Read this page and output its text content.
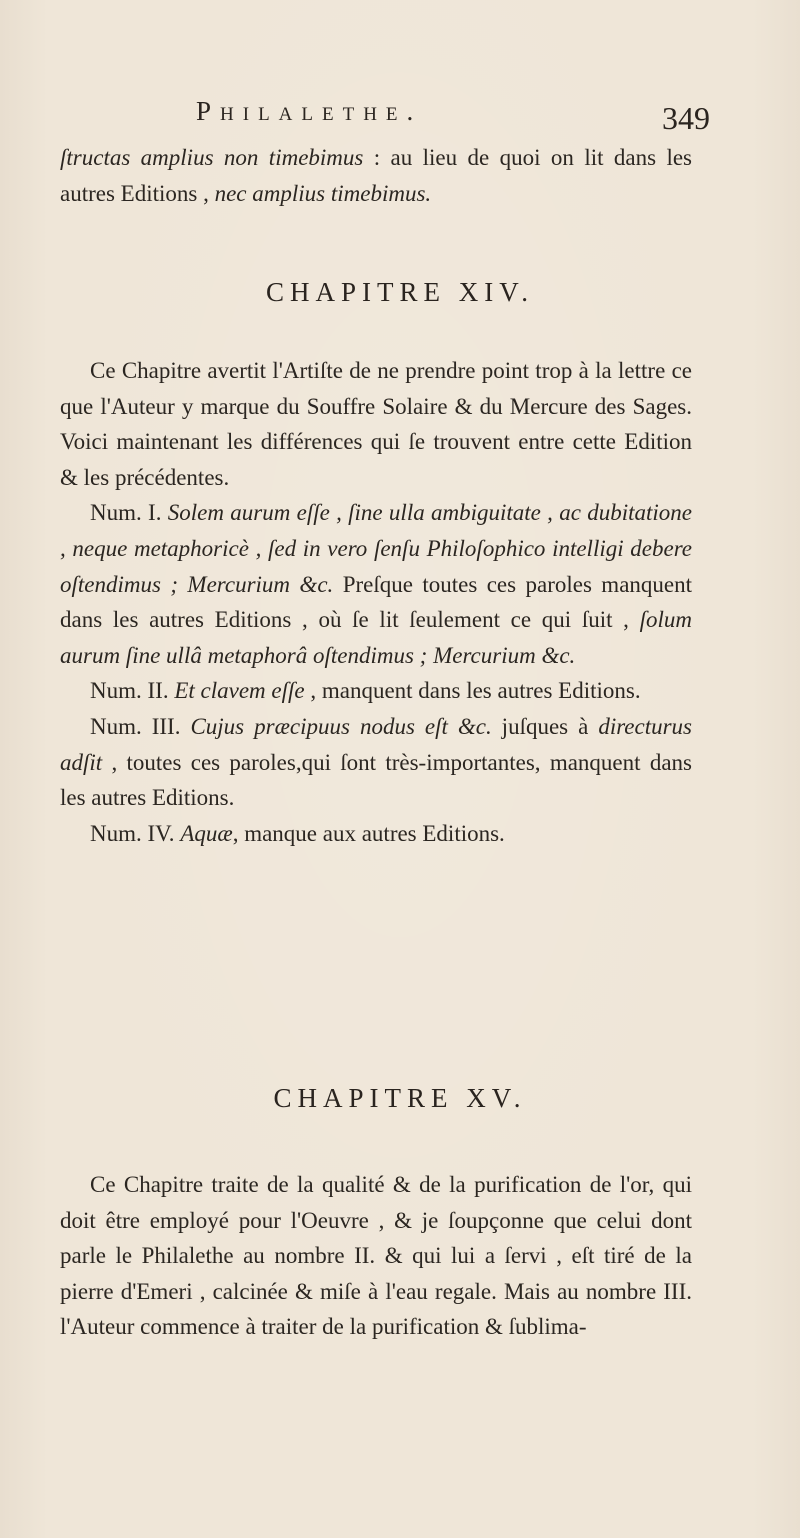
Philalethe.	349

ſtructas amplius non timebimus : au lieu de quoi on lit dans les autres Editions , nec amplius timebimus.

CHAPITRE XIV.

Ce Chapitre avertit l'Artiſte de ne prendre point trop à la lettre ce que l'Auteur y marque du Souffre Solaire & du Mercure des Sages. Voici maintenant les différences qui ſe trouvent entre cette Edition & les précédentes.

Num. I. Solem aurum eſſe , ſine ulla ambiguitate , ac dubitatione , neque metaphoricè , ſed in vero ſenſu Philoſophico intelligi debere oſtendimus ; Mercurium &c. Preſque toutes ces paroles manquent dans les autres Editions , où ſe lit ſeulement ce qui ſuit , ſolum aurum ſine ullâ metaphorâ oſtendimus ; Mercurium &c.

Num. II. Et clavem eſſe , manquent dans les autres Editions.

Num. III. Cujus præcipuus nodus eſt &c. juſques à directurus adſit , toutes ces paroles,qui ſont très-importantes, manquent dans les autres Editions.

Num. IV. Aquæ, manque aux autres Editions.

CHAPITRE XV.

Ce Chapitre traite de la qualité & de la purification de l'or, qui doit être employé pour l'Oeuvre , & je ſoupçonne que celui dont parle le Philalethe au nombre II. & qui lui a ſervi , eſt tiré de la pierre d'Emeri , calcinée & miſe à l'eau regale. Mais au nombre III. l'Auteur commence à traiter de la purification & ſublima-
